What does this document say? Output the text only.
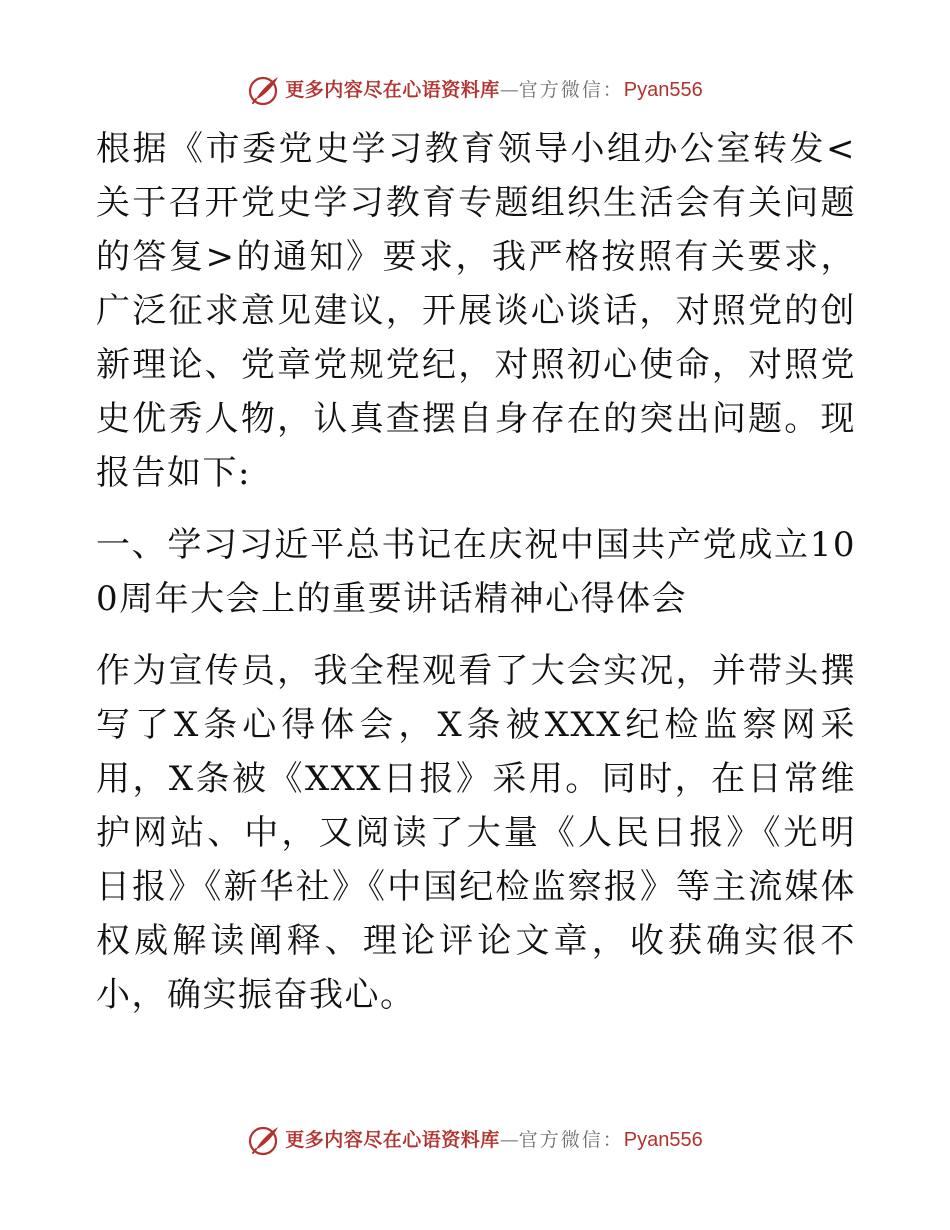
更多内容尽在心语资料库—官方微信：Pyan556

根据《市委党史学习教育领导小组办公室转发<关于召开党史学习教育专题组织生活会有关问题的答复>的通知》要求，我严格按照有关要求，广泛征求意见建议，开展谈心谈话，对照党的创新理论、党章党规党纪，对照初心使命，对照党史优秀人物，认真查摆自身存在的突出问题。现报告如下:

一、学习习近平总书记在庆祝中国共产党成立100周年大会上的重要讲话精神心得体会

作为宣传员，我全程观看了大会实况，并带头撰写了X条心得体会，X条被XXX纪检监察网采用，X条被《XXX日报》采用。同时，在日常维护网站、中，又阅读了大量《人民日报》《光明日报》《新华社》《中国纪检监察报》等主流媒体权威解读阐释、理论评论文章，收获确实很不小，确实振奋我心。

更多内容尽在心语资料库—官方微信：Pyan556
